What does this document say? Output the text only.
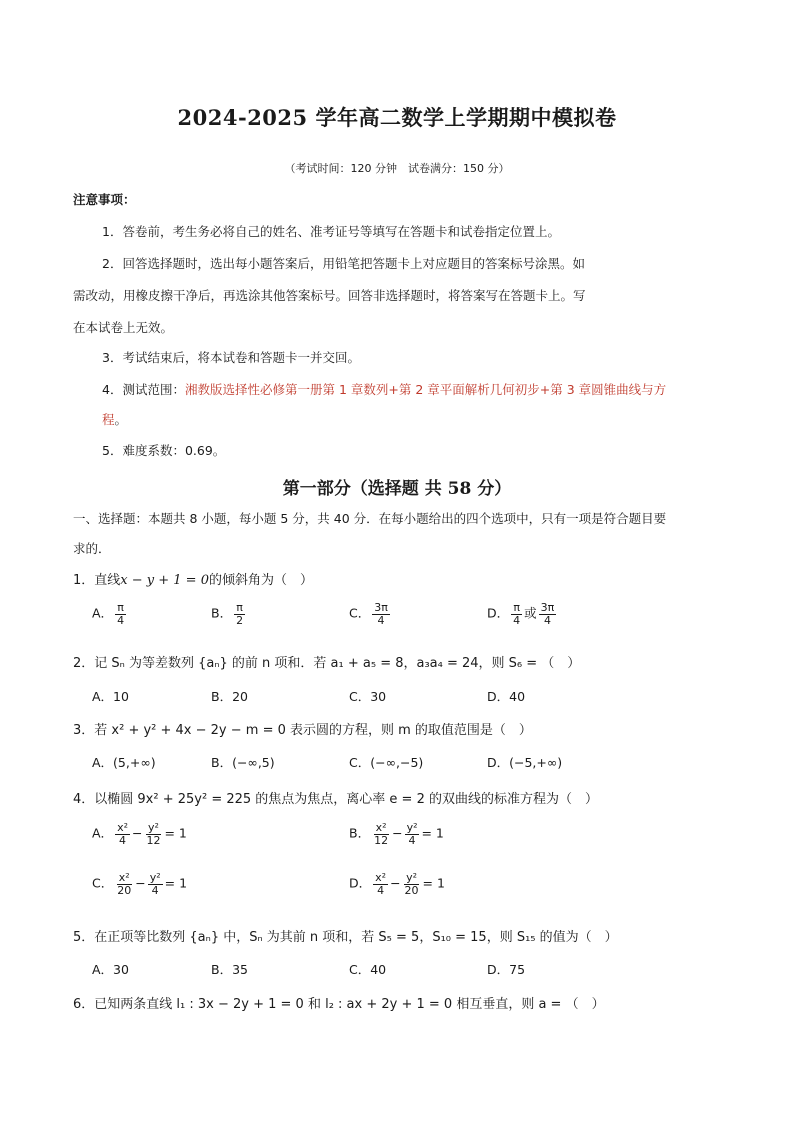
2024-2025 学年高二数学上学期期中模拟卷
（考试时间：120 分钟　试卷满分：150 分）
注意事项：
1．答卷前，考生务必将自己的姓名、准考证号等填写在答题卡和试卷指定位置上。
2．回答选择题时，选出每小题答案后，用铅笔把答题卡上对应题目的答案标号涂黑。如
需改动，用橡皮擦干净后，再选涂其他答案标号。回答非选择题时，将答案写在答题卡上。写
在本试卷上无效。
3．考试结束后，将本试卷和答题卡一并交回。
4．测试范围：湘教版选择性必修第一册第 1 章数列+第 2 章平面解析几何初步+第 3 章圆锥曲线与方
程。
5．难度系数：0.69。
第一部分（选择题 共 58 分）
一、选择题：本题共 8 小题，每小题 5 分，共 40 分．在每小题给出的四个选项中，只有一项是符合题目要
求的．
1．直线x − y + 1 = 0的倾斜角为（　）
A． $\frac{\pi}{4}$	B． $\frac{\pi}{2}$	C． $\frac{3\pi}{4}$	D． $\frac{\pi}{4}$ 或 $\frac{3\pi}{4}$
2．记 Sₙ 为等差数列 {aₙ} 的前 n 项和．若 a₁ + a₅ = 8，a₃a₄ = 24，则 S₆ = （　）
A．10	B．20	C．30	D．40
3．若 x² + y² + 4x − 2y − m = 0 表示圆的方程，则 m 的取值范围是（　）
A．(5,+∞)	B．(−∞,5)	C．(−∞,−5)	D．(−5,+∞)
4．以椭圆 9x² + 25y² = 225 的焦点为焦点，离心率 e = 2 的双曲线的标准方程为（　）
A． $\frac{\text{x²}}{4} - \frac{\text{y²}}{12} = 1$	B． $\frac{\text{x²}}{12} - \frac{\text{y²}}{4} = 1$
C． $\frac{\text{x²}}{20} - \frac{\text{y²}}{4} = 1$	D． $\frac{\text{x²}}{4} - \frac{\text{y²}}{20} = 1$
5．在正项等比数列 {aₙ} 中，Sₙ 为其前 n 项和，若 S₅ = 5，S₁₀ = 15，则 S₁₅ 的值为（　）
A．30	B．35	C．40	D．75
6．已知两条直线 l₁ : 3x − 2y + 1 = 0 和 l₂ : ax + 2y + 1 = 0 相互垂直，则 a = （　）
